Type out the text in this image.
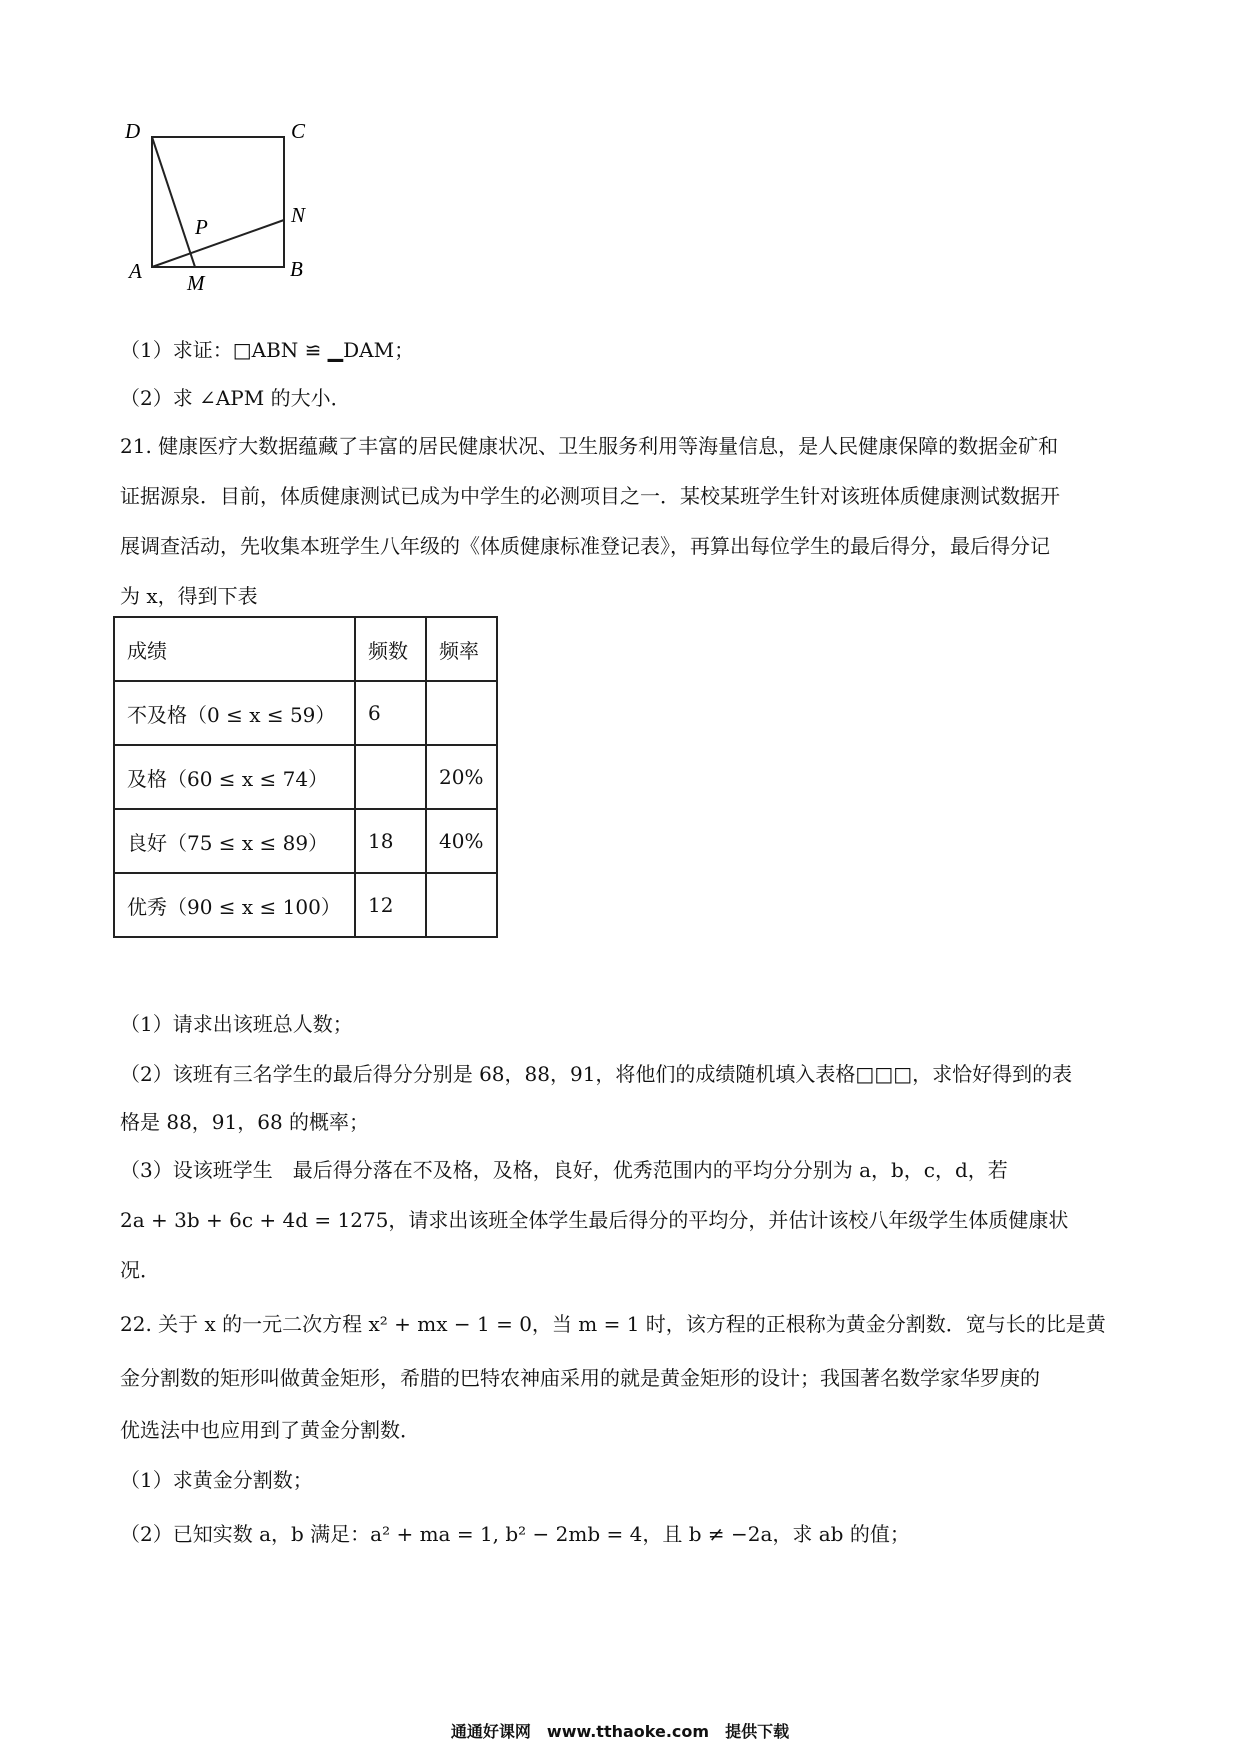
D	C
N
P
A M
B
（1）求证：□ABN ≌ ▁DAM；
（2）求 ∠APM 的大小．
21. 健康医疗大数据蕴藏了丰富的居民健康状况、卫生服务利用等海量信息，是人民健康保障的数据金矿和
证据源泉．目前，体质健康测试已成为中学生的必测项目之一．某校某班学生针对该班体质健康测试数据开
展调查活动，先收集本班学生八年级的《体质健康标准登记表》，再算出每位学生的最后得分，最后得分记
为 x，得到下表
成绩	频数	频率
不及格（0 ≤ x ≤ 59）	6	
及格（60 ≤ x ≤ 74）		20%
良好（75 ≤ x ≤ 89）	18	40%
优秀（90 ≤ x ≤ 100）	12	
（1）请求出该班总人数；
（2）该班有三名学生的最后得分分别是 68，88，91，将他们的成绩随机填入表格□□□，求恰好得到的表
格是 88，91，68 的概率；
（3）设该班学生　最后得分落在不及格，及格，良好，优秀范围内的平均分分别为 a，b，c，d，若
2a + 3b + 6c + 4d = 1275，请求出该班全体学生最后得分的平均分，并估计该校八年级学生体质健康状
况．
22. 关于 x 的一元二次方程 x² + mx − 1 = 0，当 m = 1 时，该方程的正根称为黄金分割数．宽与长的比是黄
金分割数的矩形叫做黄金矩形，希腊的巴特农神庙采用的就是黄金矩形的设计；我国著名数学家华罗庚的
优选法中也应用到了黄金分割数．
（1）求黄金分割数；
（2）已知实数 a，b 满足：a² + ma = 1, b² − 2mb = 4，且 b ≠ −2a，求 ab 的值；
通通好课网　www.tthaoke.com　提供下载
